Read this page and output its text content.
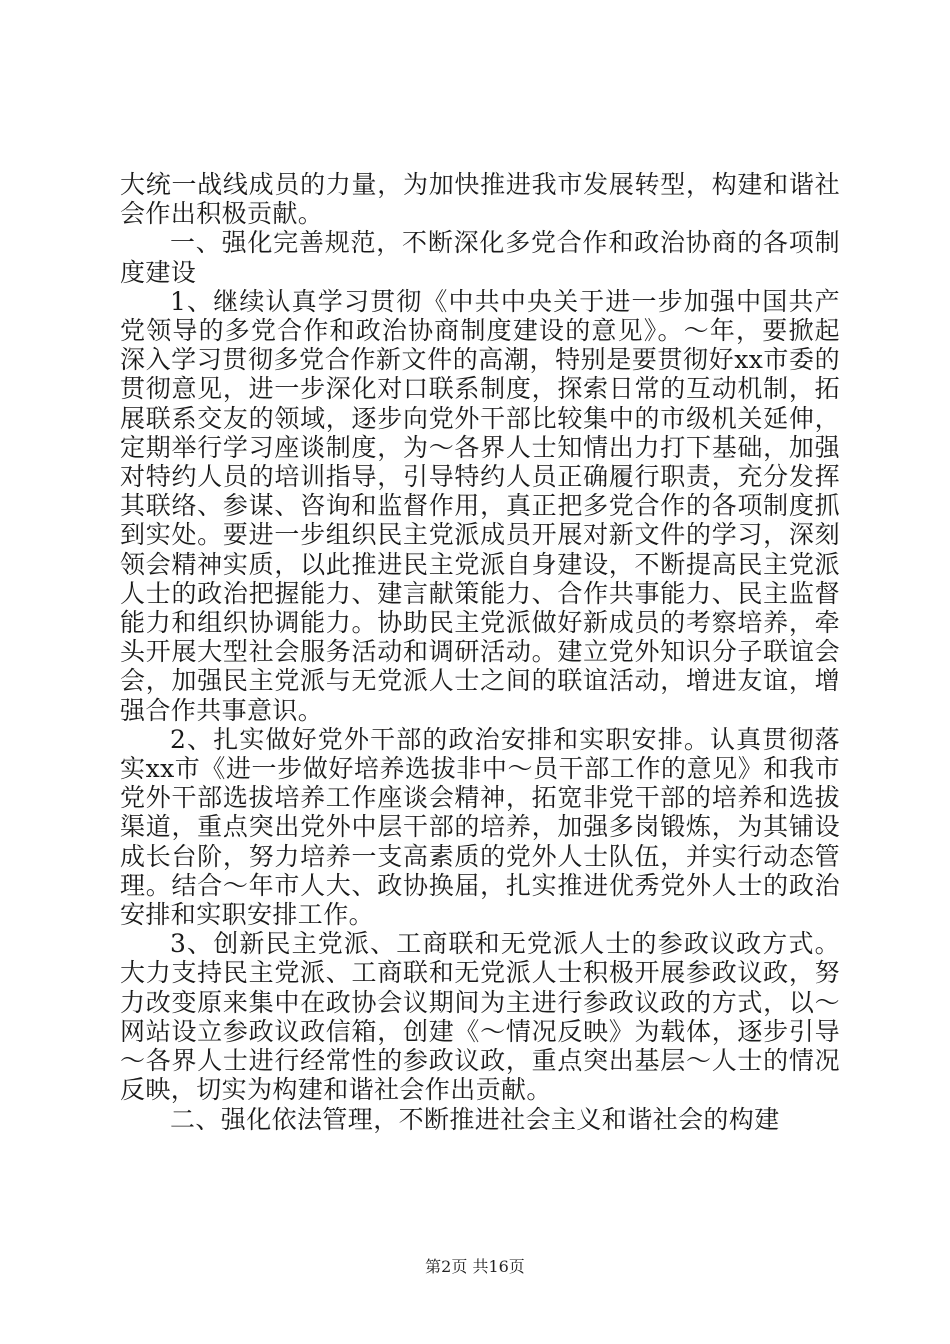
大统一战线成员的力量，为加快推进我市发展转型，构建和谐社会作出积极贡献。

一、强化完善规范，不断深化多党合作和政治协商的各项制度建设

1、继续认真学习贯彻《中共中央关于进一步加强中国共产党领导的多党合作和政治协商制度建设的意见》。～年，要掀起深入学习贯彻多党合作新文件的高潮，特别是要贯彻好xx市委的贯彻意见，进一步深化对口联系制度，探索日常的互动机制，拓展联系交友的领域，逐步向党外干部比较集中的市级机关延伸，定期举行学习座谈制度，为～各界人士知情出力打下基础，加强对特约人员的培训指导，引导特约人员正确履行职责，充分发挥其联络、参谋、咨询和监督作用，真正把多党合作的各项制度抓到实处。要进一步组织民主党派成员开展对新文件的学习，深刻领会精神实质，以此推进民主党派自身建设，不断提高民主党派人士的政治把握能力、建言献策能力、合作共事能力、民主监督能力和组织协调能力。协助民主党派做好新成员的考察培养，牵头开展大型社会服务活动和调研活动。建立党外知识分子联谊会会，加强民主党派与无党派人士之间的联谊活动，增进友谊，增强合作共事意识。

2、扎实做好党外干部的政治安排和实职安排。认真贯彻落实xx市《进一步做好培养选拔非中～员干部工作的意见》和我市党外干部选拔培养工作座谈会精神，拓宽非党干部的培养和选拔渠道，重点突出党外中层干部的培养，加强多岗锻炼，为其铺设成长台阶，努力培养一支高素质的党外人士队伍，并实行动态管理。结合～年市人大、政协换届，扎实推进优秀党外人士的政治安排和实职安排工作。

3、创新民主党派、工商联和无党派人士的参政议政方式。大力支持民主党派、工商联和无党派人士积极开展参政议政，努力改变原来集中在政协会议期间为主进行参政议政的方式，以～网站设立参政议政信箱，创建《～情况反映》为载体，逐步引导～各界人士进行经常性的参政议政，重点突出基层～人士的情况反映，切实为构建和谐社会作出贡献。

二、强化依法管理，不断推进社会主义和谐社会的构建

第2页 共16页
